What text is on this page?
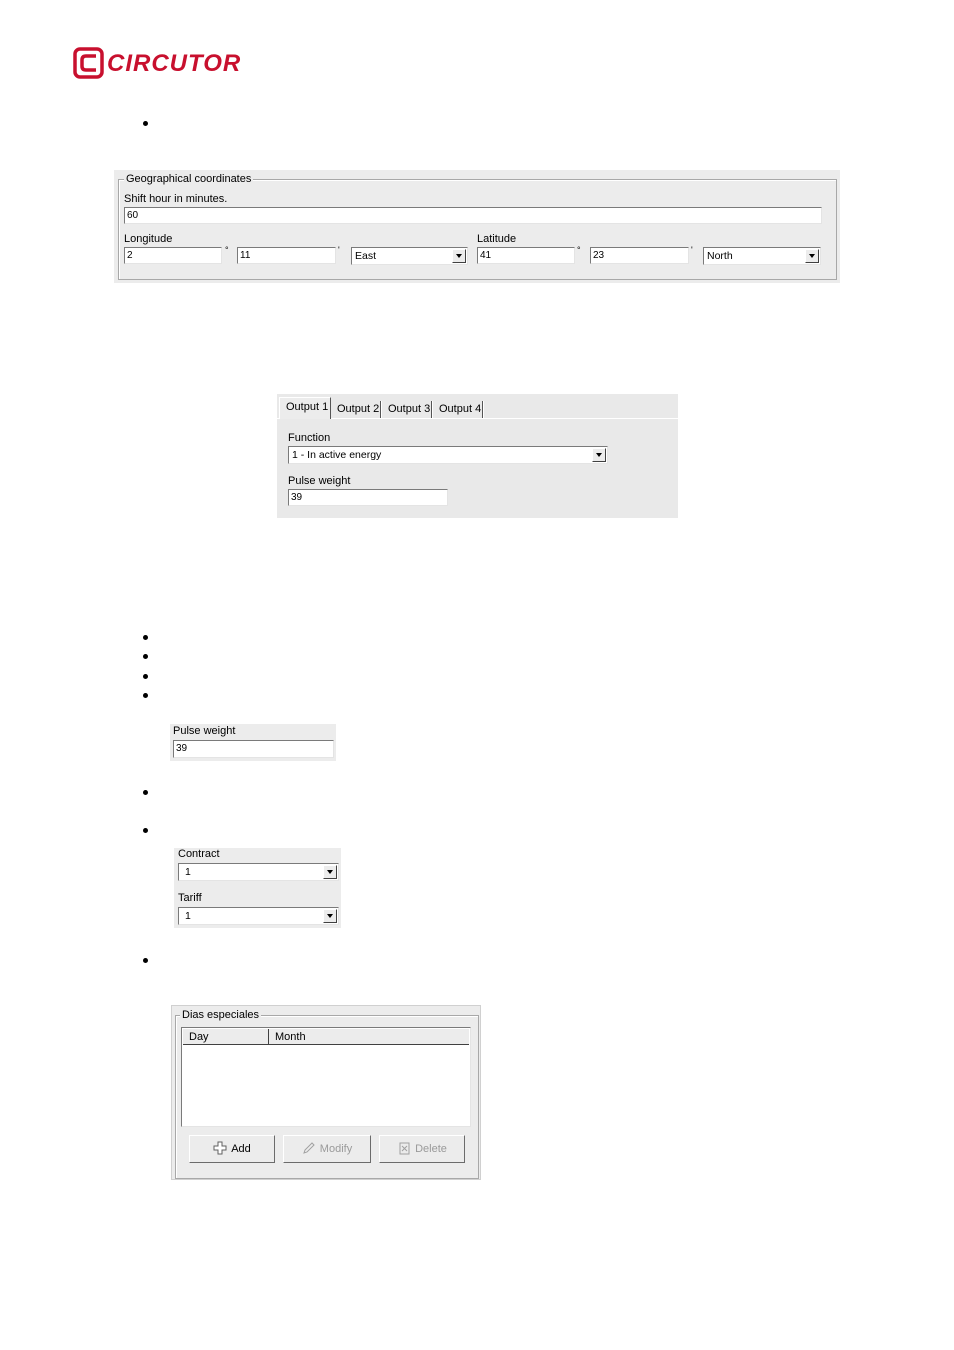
CIRCUTOR
Geographical coordinates
Shift hour in minutes.
60
Longitude
2	°	11	'	East
Latitude
41	°	23	'	North
Output 1 Output 2 Output 3 Output 4
Function
1 - In active energy
Pulse weight
39
Pulse weight
39
Contract
1
Tariff
1
Dias especiales
Day	Month
Add	Modify	Delete
